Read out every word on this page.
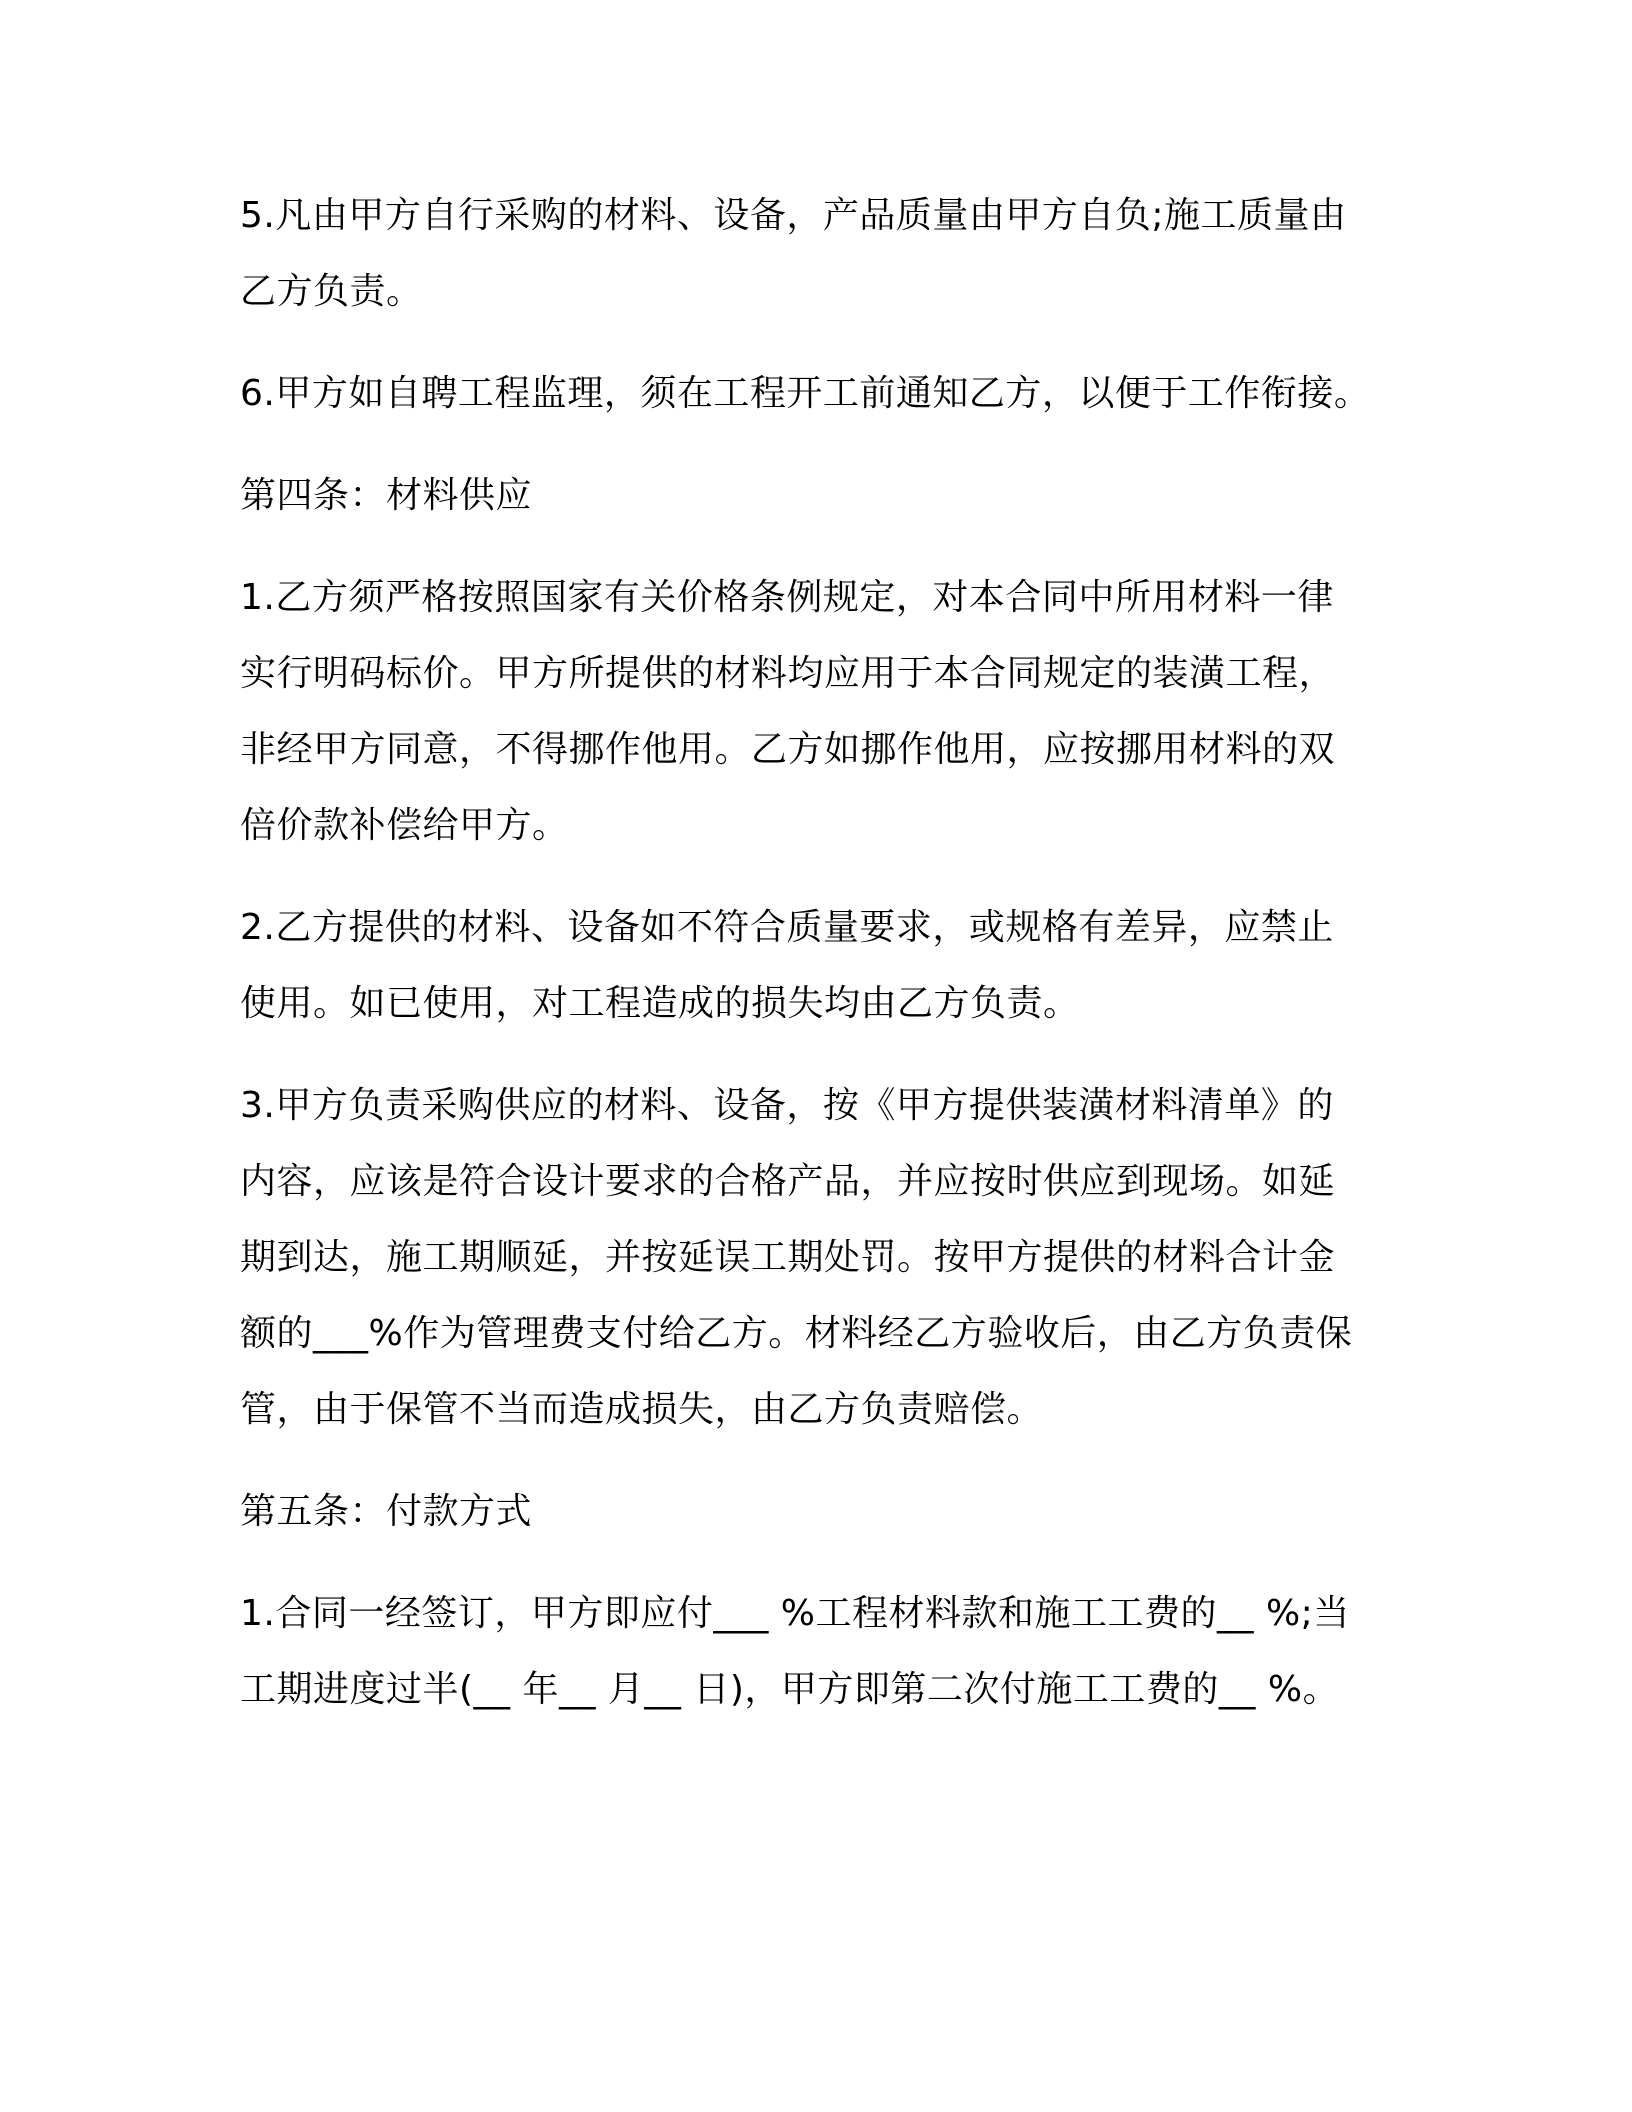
5.凡由甲方自行采购的材料、设备，产品质量由甲方自负;施工质量由
乙方负责。

6.甲方如自聘工程监理，须在工程开工前通知乙方，以便于工作衔接。

第四条：材料供应

1.乙方须严格按照国家有关价格条例规定，对本合同中所用材料一律
实行明码标价。甲方所提供的材料均应用于本合同规定的装潢工程，
非经甲方同意，不得挪作他用。乙方如挪作他用，应按挪用材料的双
倍价款补偿给甲方。

2.乙方提供的材料、设备如不符合质量要求，或规格有差异，应禁止
使用。如已使用，对工程造成的损失均由乙方负责。

3.甲方负责采购供应的材料、设备，按《甲方提供装潢材料清单》的
内容，应该是符合设计要求的合格产品，并应按时供应到现场。如延
期到达，施工期顺延，并按延误工期处罚。按甲方提供的材料合计金
额的___%作为管理费支付给乙方。材料经乙方验收后，由乙方负责保
管，由于保管不当而造成损失，由乙方负责赔偿。

第五条：付款方式

1.合同一经签订，甲方即应付___ %工程材料款和施工工费的__ %;当
工期进度过半(__ 年__ 月__ 日)，甲方即第二次付施工工费的__ %。
